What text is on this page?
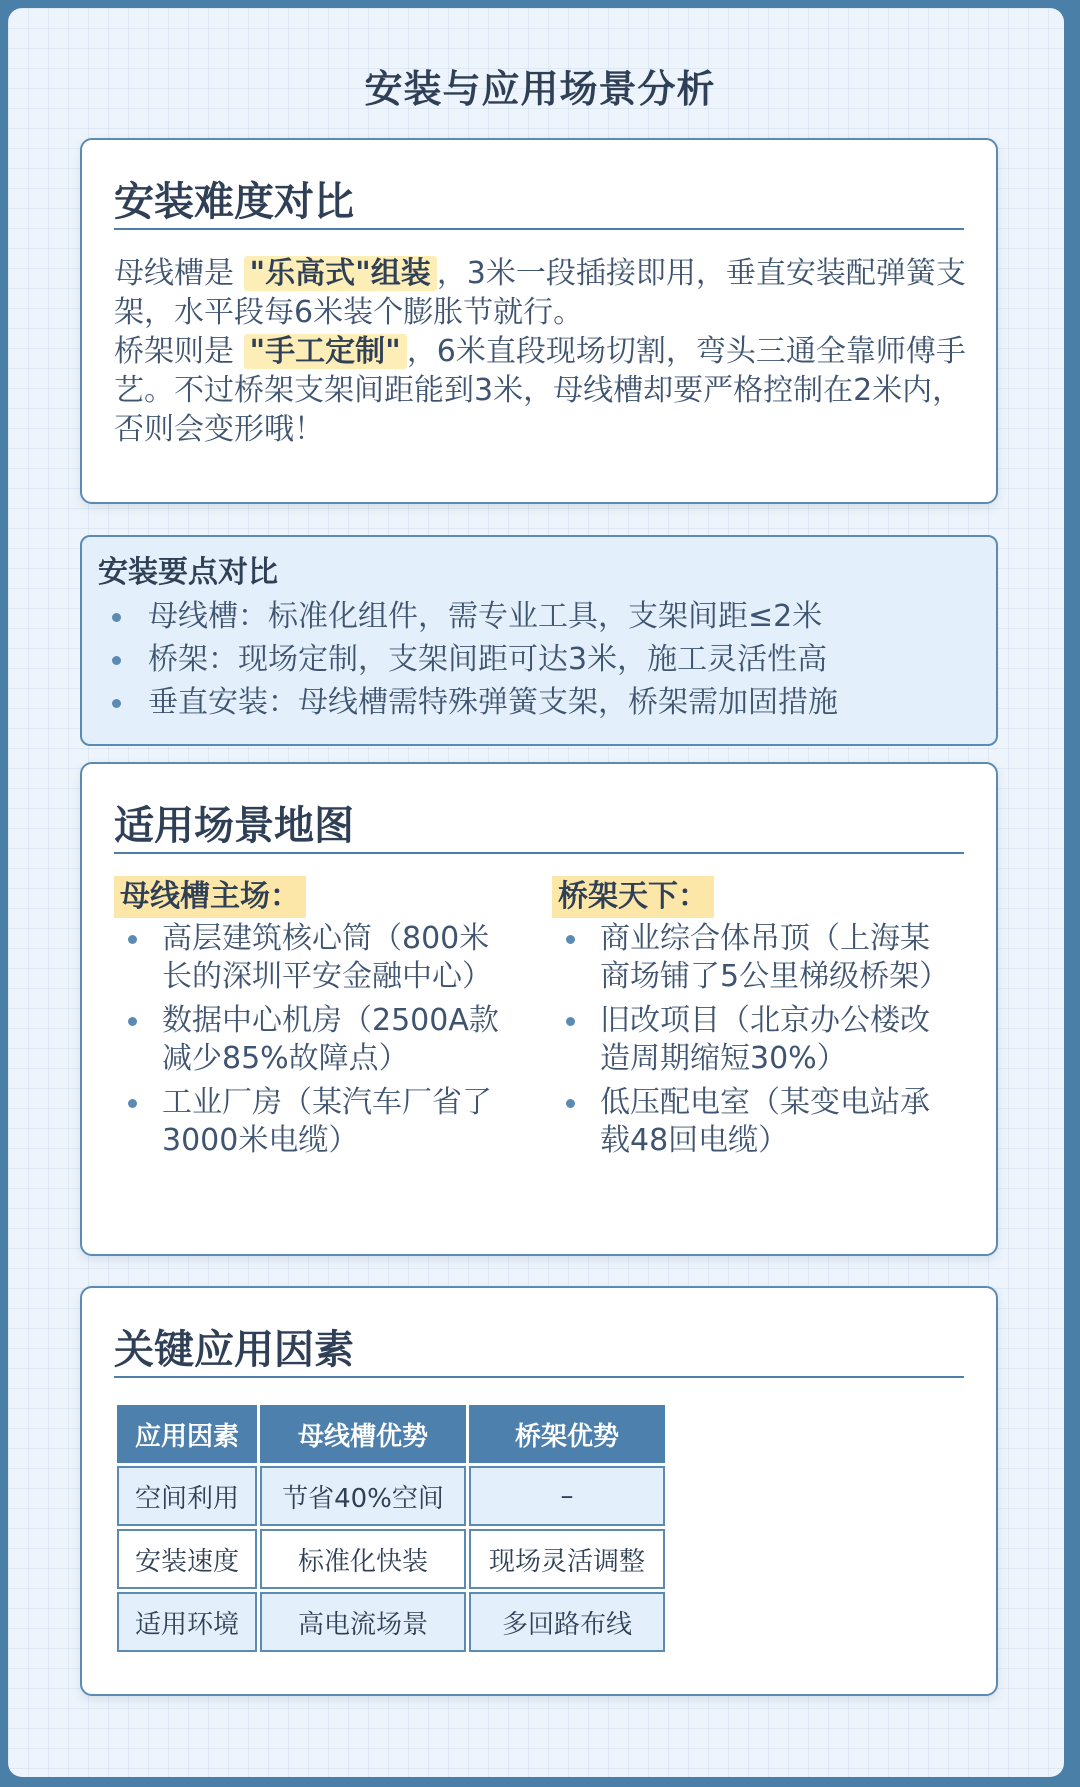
安装与应用场景分析
安装难度对比

母线槽是 "乐高式"组装 ，3米一段插接即用，垂直安装配弹簧支架，水平段每6米装个膨胀节就行。
桥架则是 "手工定制" ，6米直段现场切割，弯头三通全靠师傅手艺。不过桥架支架间距能到3米，母线槽却要严格控制在2米内，否则会变形哦！

安装要点对比
母线槽：标准化组件，需专业工具，支架间距≤2米
桥架：现场定制，支架间距可达3米，施工灵活性高
垂直安装：母线槽需特殊弹簧支架，桥架需加固措施
适用场景地图
母线槽主场：
高层建筑核心筒（800米长的深圳平安金融中心）
数据中心机房（2500A款减少85%故障点）
工业厂房（某汽车厂省了3000米电缆）
桥架天下：
商业综合体吊顶（上海某商场铺了5公里梯级桥架）
旧改项目（北京办公楼改造周期缩短30%）
低压配电室（某变电站承载48回电缆）
关键应用因素
应用因素	母线槽优势	桥架优势
空间利用	节省40%空间	–
安装速度	标准化快装	现场灵活调整
适用环境	高电流场景	多回路布线
